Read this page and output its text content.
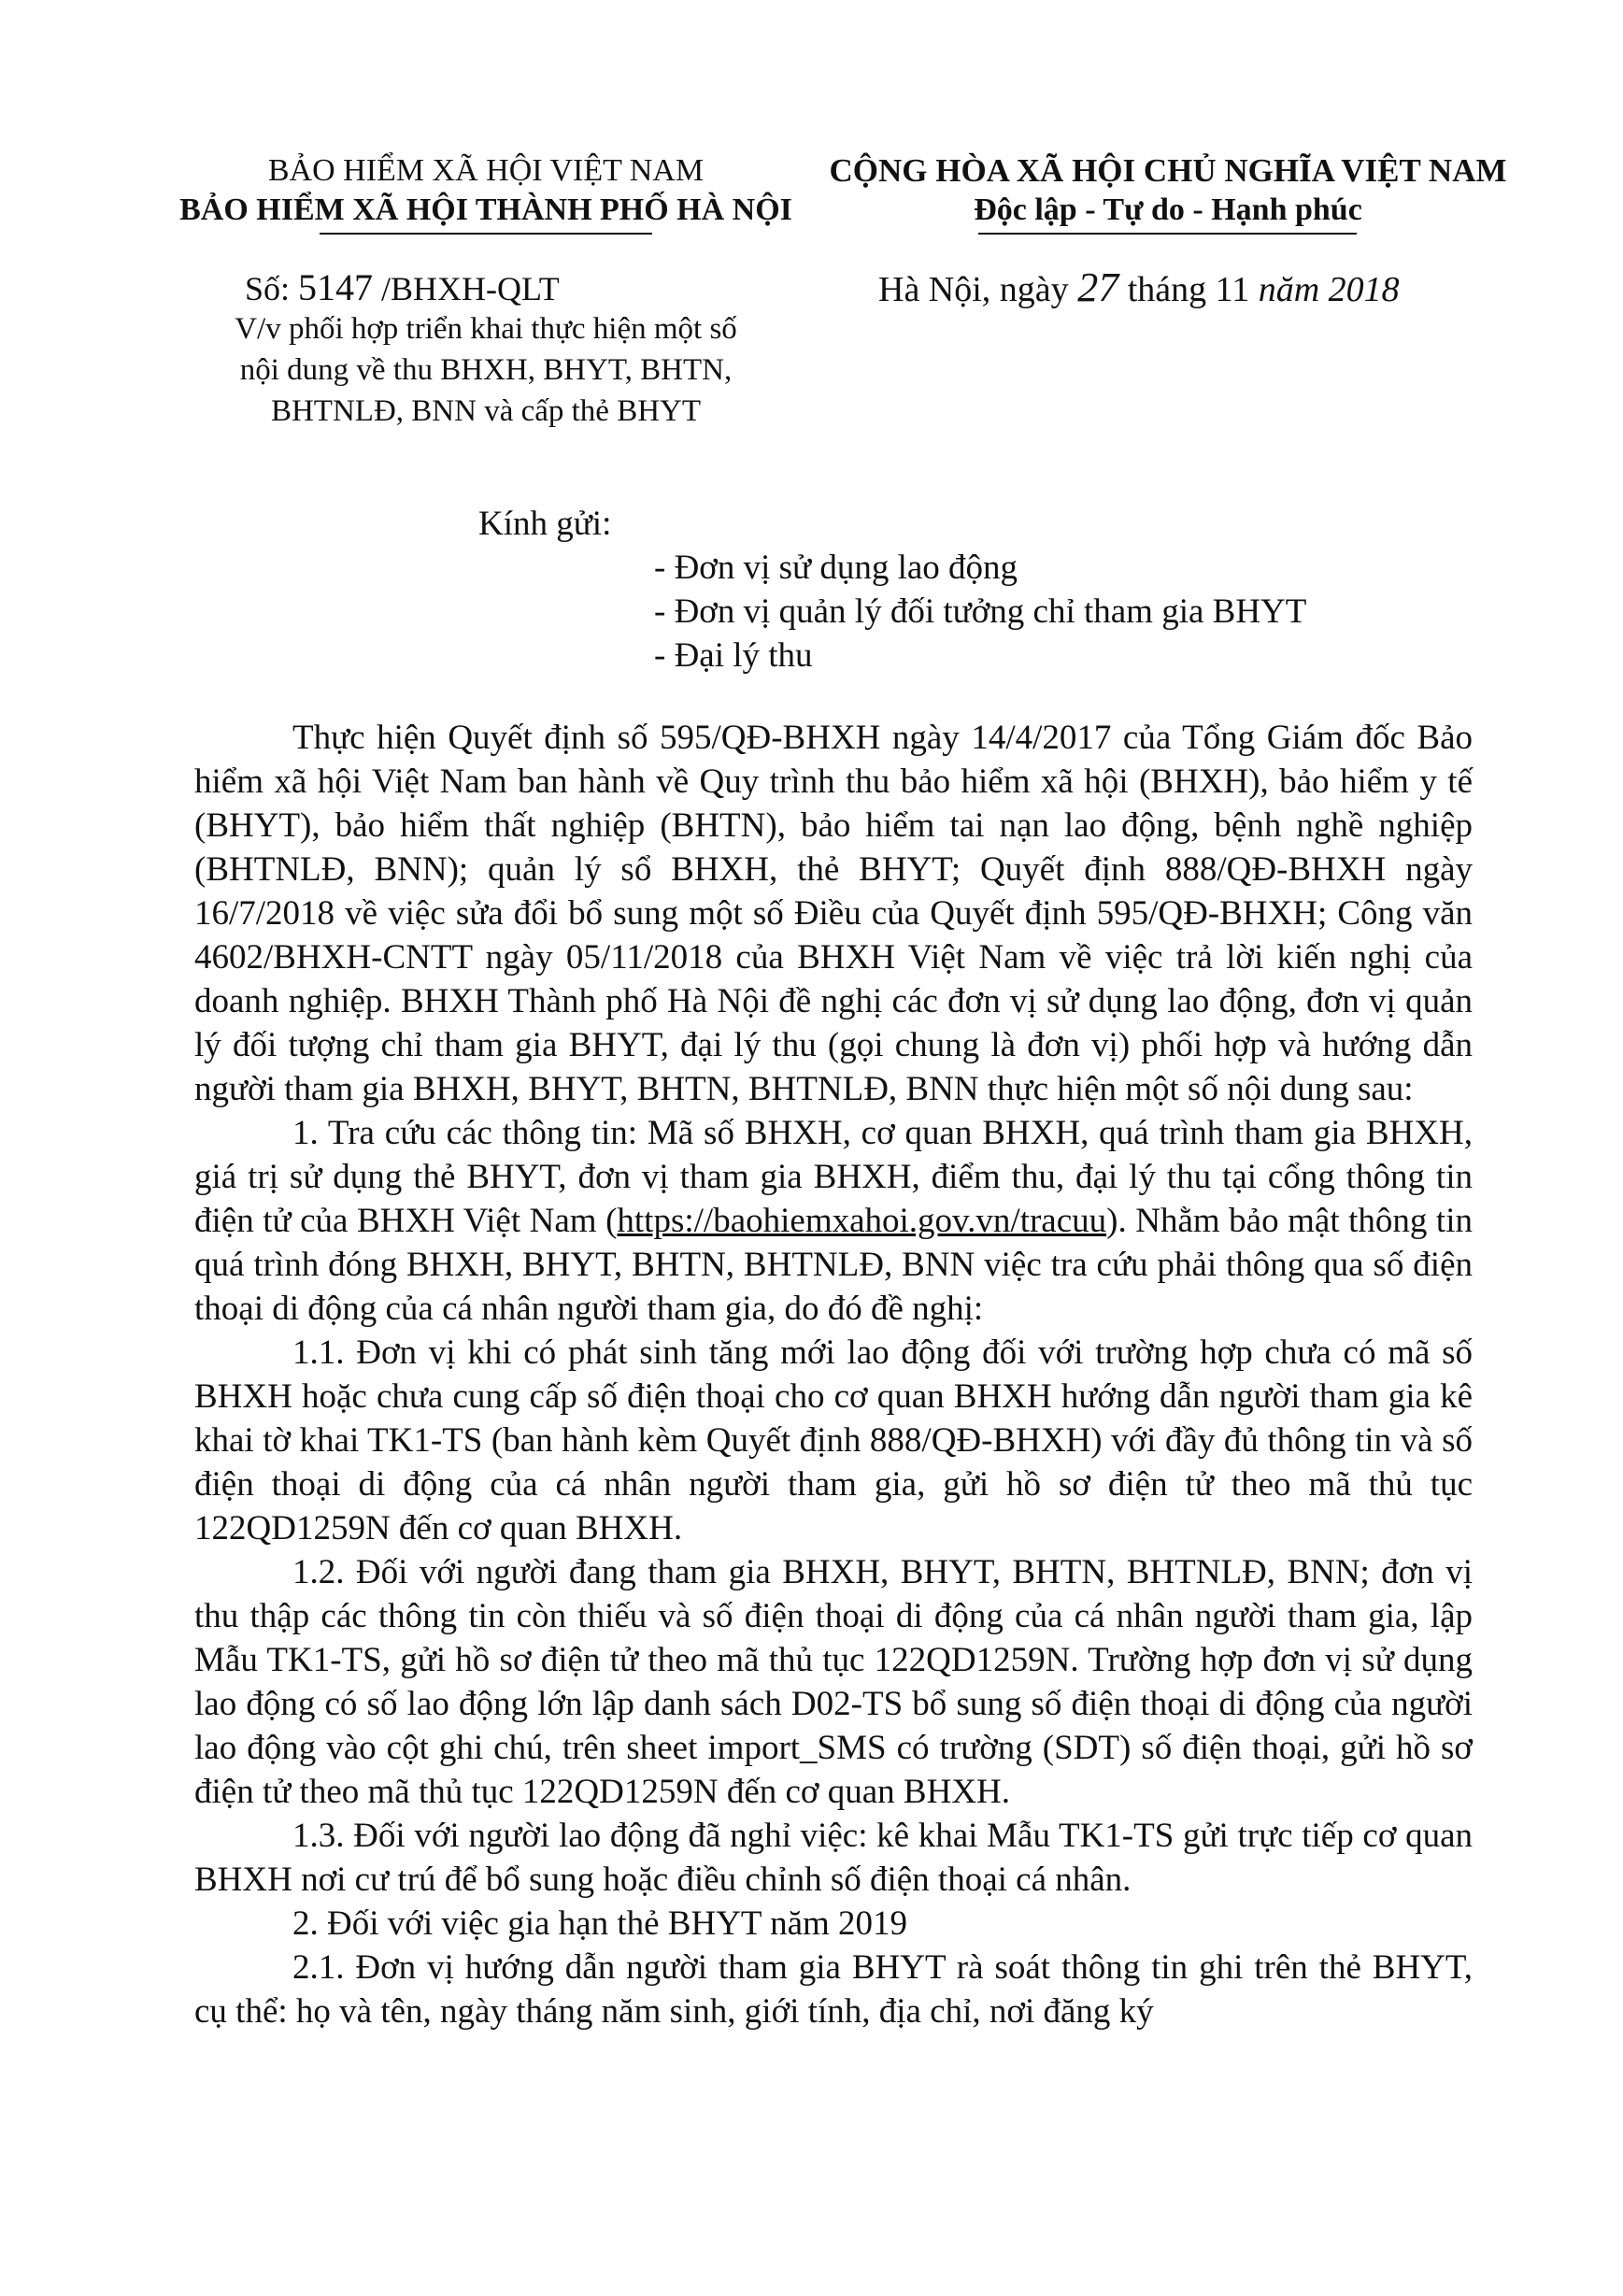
BẢO HIỂM XÃ HỘI VIỆT NAM
BẢO HIỂM XÃ HỘI THÀNH PHỐ HÀ NỘI
Số: 5147 /BHXH-QLT
V/v phối hợp triển khai thực hiện một số
nội dung về thu BHXH, BHYT, BHTN,
BHTNLĐ, BNN và cấp thẻ BHYT
CỘNG HÒA XÃ HỘI CHỦ NGHĨA VIỆT NAM
Độc lập - Tự do - Hạnh phúc
Hà Nội, ngày 27 tháng 11 năm 2018
Kính gửi:
- Đơn vị sử dụng lao động
- Đơn vị quản lý đối tưởng chỉ tham gia BHYT
- Đại lý thu

Thực hiện Quyết định số 595/QĐ-BHXH ngày 14/4/2017 của Tổng Giám đốc Bảo hiểm xã hội Việt Nam ban hành về Quy trình thu bảo hiểm xã hội (BHXH), bảo hiểm y tế (BHYT), bảo hiểm thất nghiệp (BHTN), bảo hiểm tai nạn lao động, bệnh nghề nghiệp (BHTNLĐ, BNN); quản lý sổ BHXH, thẻ BHYT; Quyết định 888/QĐ-BHXH ngày 16/7/2018 về việc sửa đổi bổ sung một số Điều của Quyết định 595/QĐ-BHXH; Công văn 4602/BHXH-CNTT ngày 05/11/2018 của BHXH Việt Nam về việc trả lời kiến nghị của doanh nghiệp. BHXH Thành phố Hà Nội đề nghị các đơn vị sử dụng lao động, đơn vị quản lý đối tượng chỉ tham gia BHYT, đại lý thu (gọi chung là đơn vị) phối hợp và hướng dẫn người tham gia BHXH, BHYT, BHTN, BHTNLĐ, BNN thực hiện một số nội dung sau:

1. Tra cứu các thông tin: Mã số BHXH, cơ quan BHXH, quá trình tham gia BHXH, giá trị sử dụng thẻ BHYT, đơn vị tham gia BHXH, điểm thu, đại lý thu tại cổng thông tin điện tử của BHXH Việt Nam (https://baohiemxahoi.gov.vn/tracuu). Nhằm bảo mật thông tin quá trình đóng BHXH, BHYT, BHTN, BHTNLĐ, BNN việc tra cứu phải thông qua số điện thoại di động của cá nhân người tham gia, do đó đề nghị:

1.1. Đơn vị khi có phát sinh tăng mới lao động đối với trường hợp chưa có mã số BHXH hoặc chưa cung cấp số điện thoại cho cơ quan BHXH hướng dẫn người tham gia kê khai tờ khai TK1-TS (ban hành kèm Quyết định 888/QĐ-BHXH) với đầy đủ thông tin và số điện thoại di động của cá nhân người tham gia, gửi hồ sơ điện tử theo mã thủ tục 122QD1259N đến cơ quan BHXH.

1.2. Đối với người đang tham gia BHXH, BHYT, BHTN, BHTNLĐ, BNN; đơn vị thu thập các thông tin còn thiếu và số điện thoại di động của cá nhân người tham gia, lập Mẫu TK1-TS, gửi hồ sơ điện tử theo mã thủ tục 122QD1259N. Trường hợp đơn vị sử dụng lao động có số lao động lớn lập danh sách D02-TS bổ sung số điện thoại di động của người lao động vào cột ghi chú, trên sheet import_SMS có trường (SDT) số điện thoại, gửi hồ sơ điện tử theo mã thủ tục 122QD1259N đến cơ quan BHXH.

1.3. Đối với người lao động đã nghỉ việc: kê khai Mẫu TK1-TS gửi trực tiếp cơ quan BHXH nơi cư trú để bổ sung hoặc điều chỉnh số điện thoại cá nhân.

2. Đối với việc gia hạn thẻ BHYT năm 2019

2.1. Đơn vị hướng dẫn người tham gia BHYT rà soát thông tin ghi trên thẻ BHYT, cụ thể: họ và tên, ngày tháng năm sinh, giới tính, địa chỉ, nơi đăng ký
